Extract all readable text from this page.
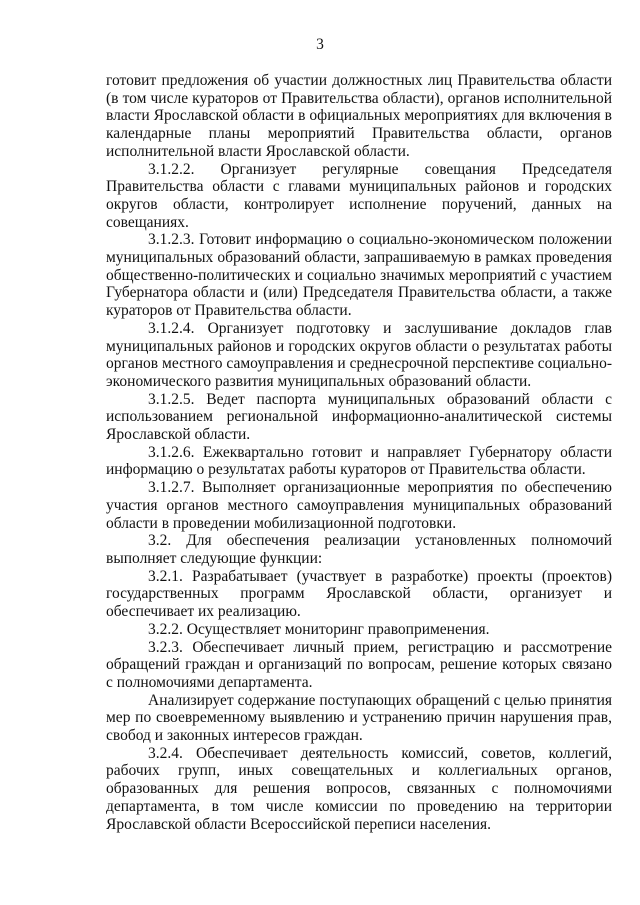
3

готовит предложения об участии должностных лиц Правительства области (в том числе кураторов от Правительства области), органов исполнительной власти Ярославской области в официальных мероприятиях для включения в календарные планы мероприятий Правительства области, органов исполнительной власти Ярославской области.

3.1.2.2. Организует регулярные совещания Председателя Правительства области с главами муниципальных районов и городских округов области, контролирует исполнение поручений, данных на совещаниях.

3.1.2.3. Готовит информацию о социально-экономическом положении муниципальных образований области, запрашиваемую в рамках проведения общественно-политических и социально значимых мероприятий с участием Губернатора области и (или) Председателя Правительства области, а также кураторов от Правительства области.

3.1.2.4. Организует подготовку и заслушивание докладов глав муниципальных районов и городских округов области о результатах работы органов местного самоуправления и среднесрочной перспективе социально-экономического развития муниципальных образований области.

3.1.2.5. Ведет паспорта муниципальных образований области с использованием региональной информационно-аналитической системы Ярославской области.

3.1.2.6. Ежеквартально готовит и направляет Губернатору области информацию о результатах работы кураторов от Правительства области.

3.1.2.7. Выполняет организационные мероприятия по обеспечению участия органов местного самоуправления муниципальных образований области в проведении мобилизационной подготовки.

3.2. Для обеспечения реализации установленных полномочий выполняет следующие функции:

3.2.1. Разрабатывает (участвует в разработке) проекты (проектов) государственных программ Ярославской области, организует и обеспечивает их реализацию.

3.2.2. Осуществляет мониторинг правоприменения.

3.2.3. Обеспечивает личный прием, регистрацию и рассмотрение обращений граждан и организаций по вопросам, решение которых связано с полномочиями департамента.

Анализирует содержание поступающих обращений с целью принятия мер по своевременному выявлению и устранению причин нарушения прав, свобод и законных интересов граждан.

3.2.4. Обеспечивает деятельность комиссий, советов, коллегий, рабочих групп, иных совещательных и коллегиальных органов, образованных для решения вопросов, связанных с полномочиями департамента, в том числе комиссии по проведению на территории Ярославской области Всероссийской переписи населения.
